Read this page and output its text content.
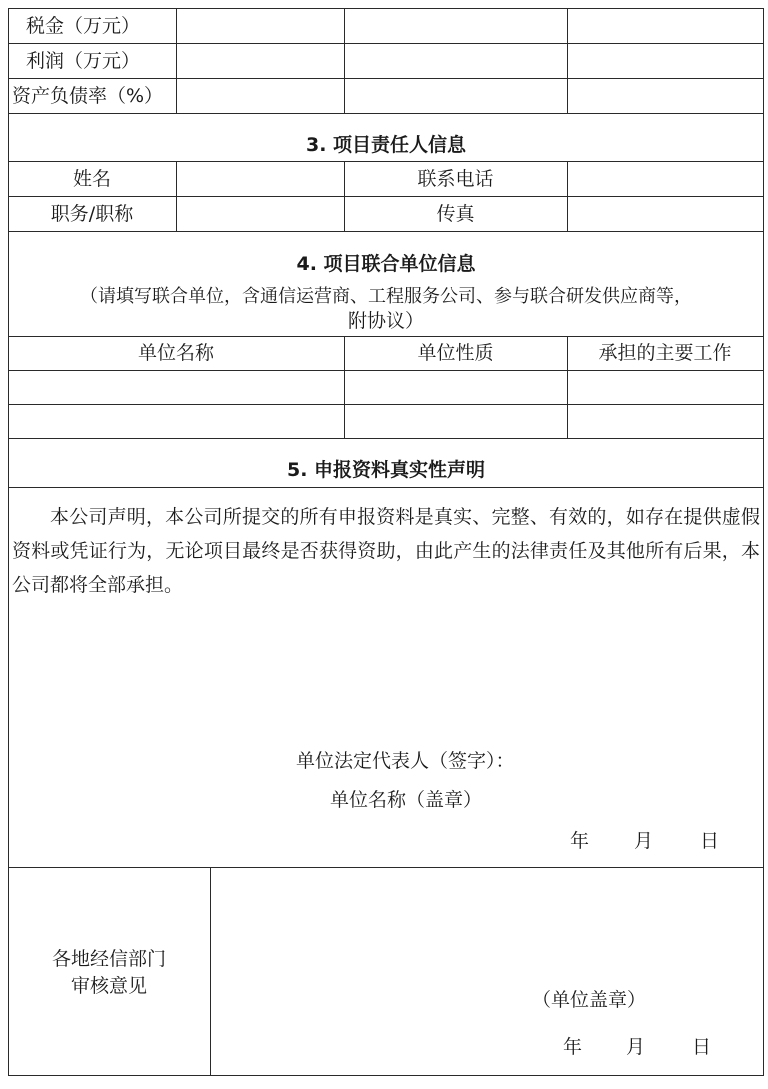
税金（万元）
利润（万元）
资产负债率（%）
3. 项目责任人信息
姓名	联系电话
职务/职称	传真
4. 项目联合单位信息
（请填写联合单位，含通信运营商、工程服务公司、参与联合研发供应商等，
附协议）
单位名称	单位性质	承担的主要工作
5. 申报资料真实性声明
本公司声明，本公司所提交的所有申报资料是真实、完整、有效的，如存在提供虚假资料或凭证行为，无论项目最终是否获得资助，由此产生的法律责任及其他所有后果，本公司都将全部承担。
单位法定代表人（签字）：
单位名称（盖章）
年 月 日
各地经信部门
审核意见
（单位盖章）
年 月 日
